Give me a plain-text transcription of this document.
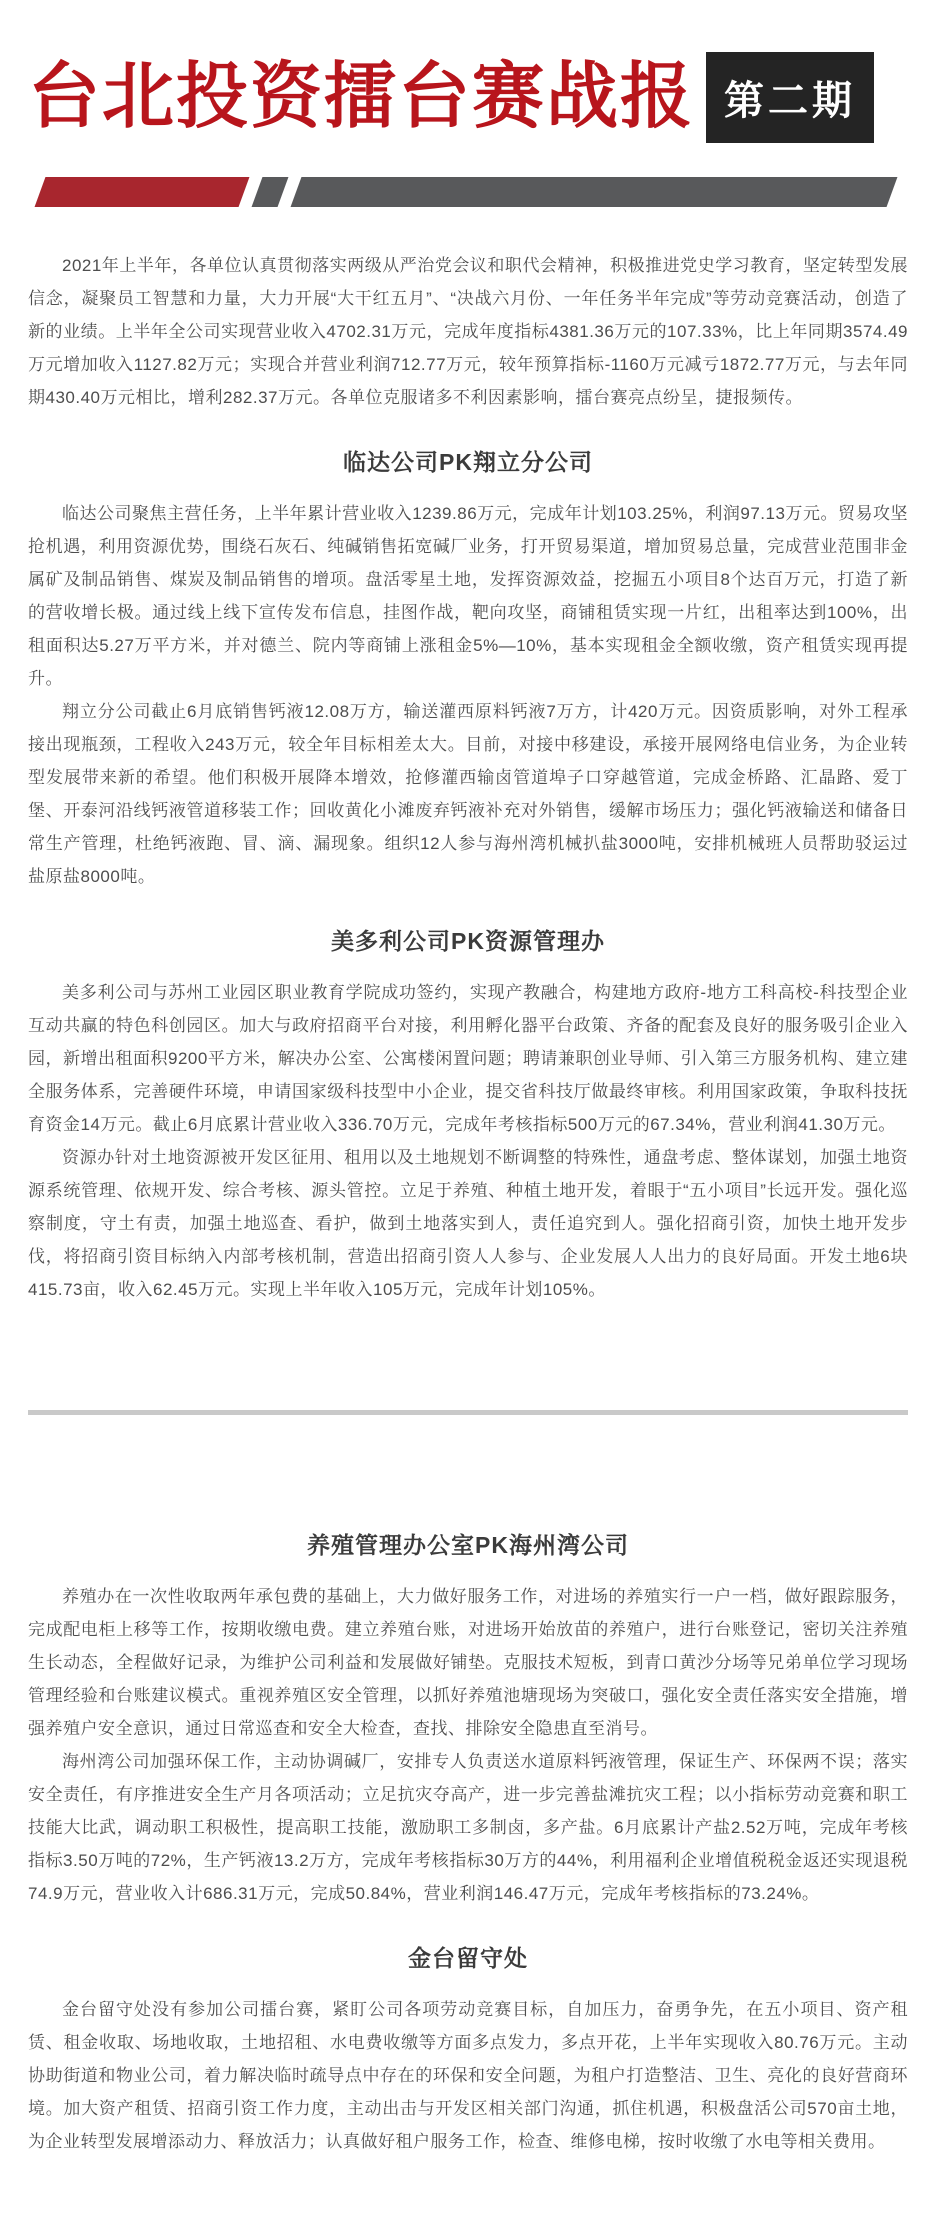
台北投资擂台赛战报 第二期

2021年上半年，各单位认真贯彻落实两级从严治党会议和职代会精神，积极推进党史学习教育，坚定转型发展信念，凝聚员工智慧和力量，大力开展“大干红五月”、“决战六月份、一年任务半年完成”等劳动竞赛活动，创造了新的业绩。上半年全公司实现营业收入4702.31万元，完成年度指标4381.36万元的107.33%，比上年同期3574.49万元增加收入1127.82万元；实现合并营业利润712.77万元，较年预算指标-1160万元减亏1872.77万元，与去年同期430.40万元相比，增利282.37万元。各单位克服诸多不利因素影响，擂台赛亮点纷呈，捷报频传。

临达公司PK翔立分公司

临达公司聚焦主营任务，上半年累计营业收入1239.86万元，完成年计划103.25%，利润97.13万元。贸易攻坚抢机遇，利用资源优势，围绕石灰石、纯碱销售拓宽碱厂业务，打开贸易渠道，增加贸易总量，完成营业范围非金属矿及制品销售、煤炭及制品销售的增项。盘活零星土地，发挥资源效益，挖掘五小项目8个达百万元，打造了新的营收增长极。通过线上线下宣传发布信息，挂图作战，靶向攻坚，商铺租赁实现一片红，出租率达到100%，出租面积达5.27万平方米，并对德兰、院内等商铺上涨租金5%—10%，基本实现租金全额收缴，资产租赁实现再提升。

翔立分公司截止6月底销售钙液12.08万方，输送灌西原料钙液7万方，计420万元。因资质影响，对外工程承接出现瓶颈，工程收入243万元，较全年目标相差太大。目前，对接中移建设，承接开展网络电信业务，为企业转型发展带来新的希望。他们积极开展降本增效，抢修灌西输卤管道埠子口穿越管道，完成金桥路、汇晶路、爱丁堡、开泰河沿线钙液管道移装工作；回收黄化小滩废弃钙液补充对外销售，缓解市场压力；强化钙液输送和储备日常生产管理，杜绝钙液跑、冒、滴、漏现象。组织12人参与海州湾机械扒盐3000吨，安排机械班人员帮助驳运过盐原盐8000吨。

美多利公司PK资源管理办

美多利公司与苏州工业园区职业教育学院成功签约，实现产教融合，构建地方政府-地方工科高校-科技型企业互动共赢的特色科创园区。加大与政府招商平台对接，利用孵化器平台政策、齐备的配套及良好的服务吸引企业入园，新增出租面积9200平方米，解决办公室、公寓楼闲置问题；聘请兼职创业导师、引入第三方服务机构、建立建全服务体系，完善硬件环境，申请国家级科技型中小企业，提交省科技厅做最终审核。利用国家政策，争取科技抚育资金14万元。截止6月底累计营业收入336.70万元，完成年考核指标500万元的67.34%，营业利润41.30万元。

资源办针对土地资源被开发区征用、租用以及土地规划不断调整的特殊性，通盘考虑、整体谋划，加强土地资源系统管理、依规开发、综合考核、源头管控。立足于养殖、种植土地开发，着眼于“五小项目”长远开发。强化巡察制度，守土有责，加强土地巡查、看护，做到土地落实到人，责任追究到人。强化招商引资，加快土地开发步伐，将招商引资目标纳入内部考核机制，营造出招商引资人人参与、企业发展人人出力的良好局面。开发土地6块415.73亩，收入62.45万元。实现上半年收入105万元，完成年计划105%。

养殖管理办公室PK海州湾公司

养殖办在一次性收取两年承包费的基础上，大力做好服务工作，对进场的养殖实行一户一档，做好跟踪服务，完成配电柜上移等工作，按期收缴电费。建立养殖台账，对进场开始放苗的养殖户，进行台账登记，密切关注养殖生长动态，全程做好记录，为维护公司利益和发展做好铺垫。克服技术短板，到青口黄沙分场等兄弟单位学习现场管理经验和台账建议模式。重视养殖区安全管理，以抓好养殖池塘现场为突破口，强化安全责任落实安全措施，增强养殖户安全意识，通过日常巡查和安全大检查，查找、排除安全隐患直至消号。

海州湾公司加强环保工作，主动协调碱厂，安排专人负责送水道原料钙液管理，保证生产、环保两不误；落实安全责任，有序推进安全生产月各项活动；立足抗灾夺高产，进一步完善盐滩抗灾工程；以小指标劳动竞赛和职工技能大比武，调动职工积极性，提高职工技能，激励职工多制卤，多产盐。6月底累计产盐2.52万吨，完成年考核指标3.50万吨的72%，生产钙液13.2万方，完成年考核指标30万方的44%，利用福利企业增值税税金返还实现退税74.9万元，营业收入计686.31万元，完成50.84%，营业利润146.47万元，完成年考核指标的73.24%。

金台留守处

金台留守处没有参加公司擂台赛，紧盯公司各项劳动竞赛目标，自加压力，奋勇争先，在五小项目、资产租赁、租金收取、场地收取，土地招租、水电费收缴等方面多点发力，多点开花，上半年实现收入80.76万元。主动协助街道和物业公司，着力解决临时疏导点中存在的环保和安全问题，为租户打造整洁、卫生、亮化的良好营商环境。加大资产租赁、招商引资工作力度，主动出击与开发区相关部门沟通，抓住机遇，积极盘活公司570亩土地，为企业转型发展增添动力、释放活力；认真做好租户服务工作，检查、维修电梯，按时收缴了水电等相关费用。
